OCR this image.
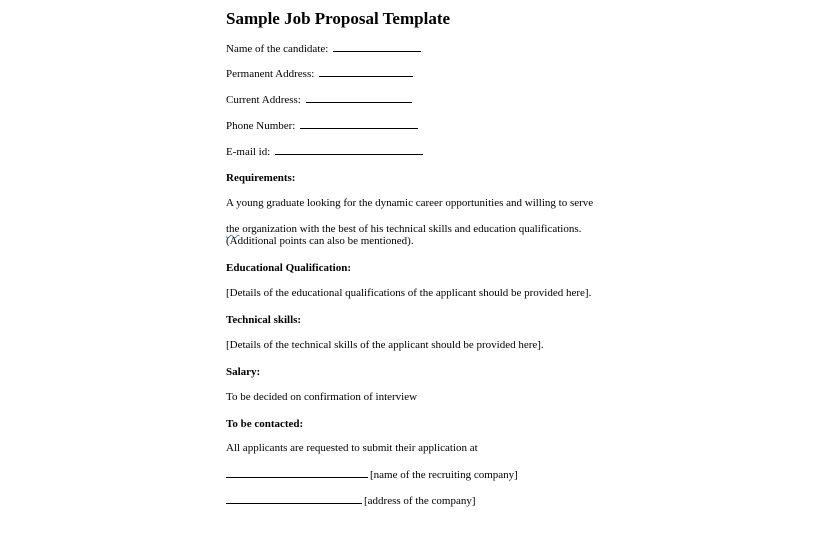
Sample Job Proposal Template
Name of the candidate:
Permanent Address:
Current Address:
Phone Number:
E-mail id:
Requirements:
A young graduate looking for the dynamic career opportunities and willing to serve
the organization with the best of his technical skills and education qualifications.
(Additional points can also be mentioned).
Educational Qualification:
[Details of the educational qualifications of the applicant should be provided here].
Technical skills:
[Details of the technical skills of the applicant should be provided here].
Salary:
To be decided on confirmation of interview
To be contacted:
All applicants are requested to submit their application at
[name of the recruiting company]
[address of the company]
